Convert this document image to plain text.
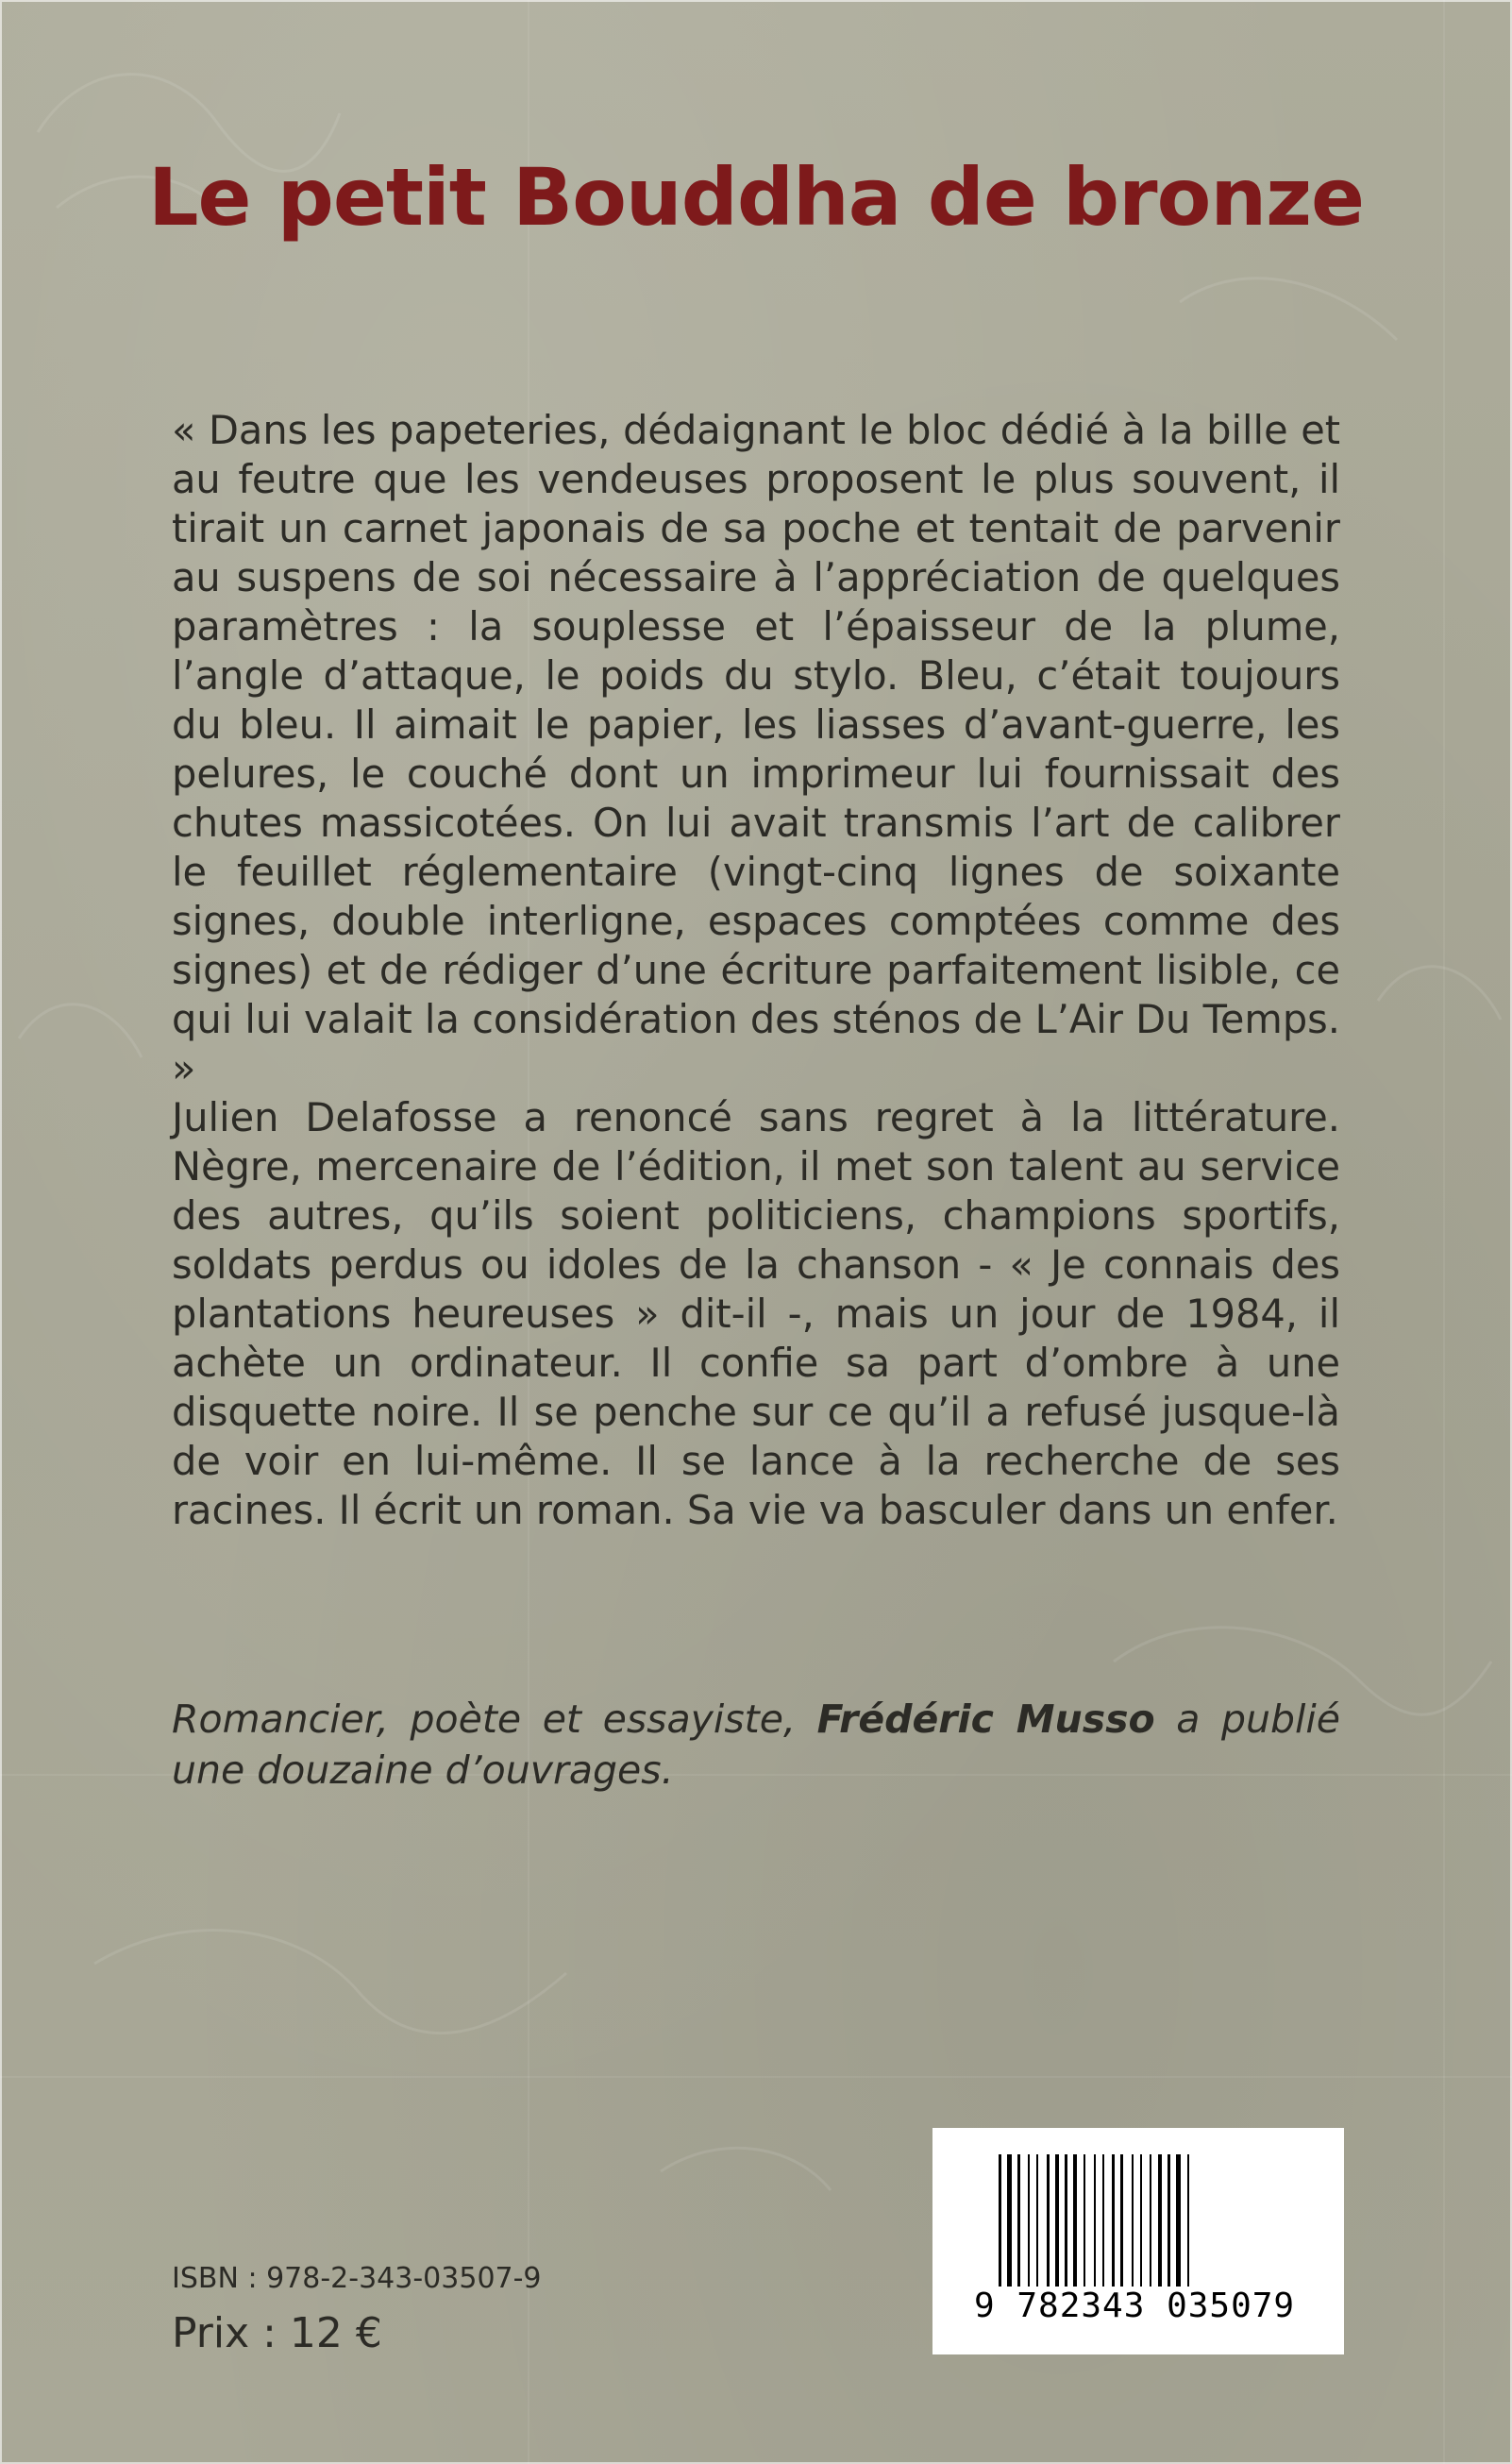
Le petit Bouddha de bronze

« Dans les papeteries, dédaignant le bloc dédié à la bille et au feutre que les vendeuses proposent le plus souvent, il tirait un carnet japonais de sa poche et tentait de parvenir au suspens de soi nécessaire à l’appréciation de quelques paramètres : la souplesse et l’épaisseur de la plume, l’angle d’attaque, le poids du stylo. Bleu, c’était toujours du bleu. Il aimait le papier, les liasses d’avant-guerre, les pelures, le couché dont un imprimeur lui fournissait des chutes massicotées. On lui avait transmis l’art de calibrer le feuillet réglementaire (vingt-cinq lignes de soixante signes, double interligne, espaces comptées comme des signes) et de rédiger d’une écriture parfaitement lisible, ce qui lui valait la considération des sténos de L’Air Du Temps. »

Julien Delafosse a renoncé sans regret à la littérature. Nègre, mercenaire de l’édition, il met son talent au service des autres, qu’ils soient politiciens, champions sportifs, soldats perdus ou idoles de la chanson - « Je connais des plantations heureuses » dit-il -, mais un jour de 1984, il achète un ordinateur. Il confie sa part d’ombre à une disquette noire. Il se penche sur ce qu’il a refusé jusque-là de voir en lui-même. Il se lance à la recherche de ses racines. Il écrit un roman. Sa vie va basculer dans un enfer.

Romancier, poète et essayiste, Frédéric Musso a publié une douzaine d’ouvrages.

ISBN : 978-2-343-03507-9
Prix : 12 €
9 782343 035079
